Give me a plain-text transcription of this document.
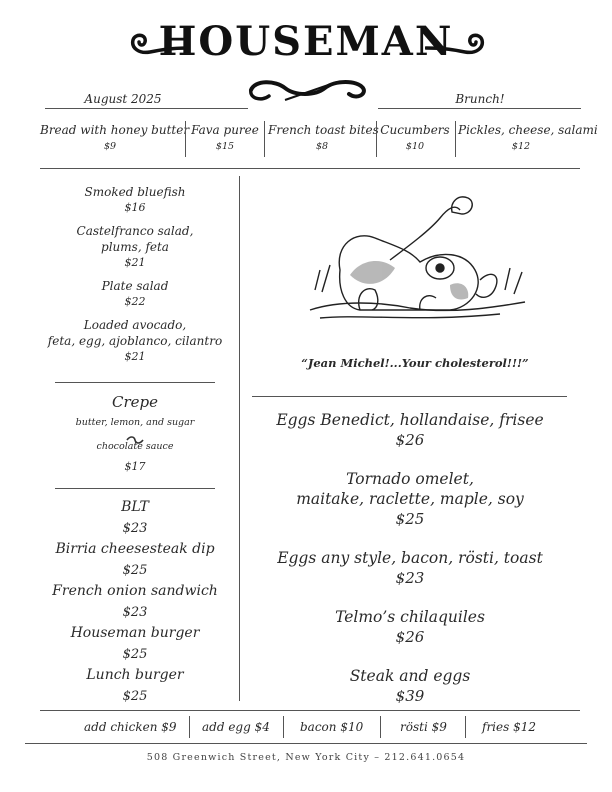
HOUSEMAN
August 2025	Brunch!
Bread with honey butter
$9
Fava puree
$15
French toast bites
$8
Cucumbers
$10
Pickles, cheese, salami
$12
Smoked bluefish
$16
Castelfranco salad,
plums, feta
$21
Plate salad
$22
Loaded avocado,
feta, egg, ajoblanco, cilantro
$21
Crepe
butter, lemon, and sugar
chocolate sauce
$17
BLT
$23
Birria cheesesteak dip
$25
French onion sandwich
$23
Houseman burger
$25
Lunch burger
$25
“Jean Michel!...Your cholesterol!!!”
Eggs Benedict, hollandaise, frisee
$26
Tornado omelet,
maitake, raclette, maple, soy
$25
Eggs any style, bacon, rösti, toast
$23
Telmo’s chilaquiles
$26
Steak and eggs
$39
add chicken $9 add egg $4	bacon $10	rösti $9	fries $12
508 Greenwich Street, New York City – 212.641.0654
